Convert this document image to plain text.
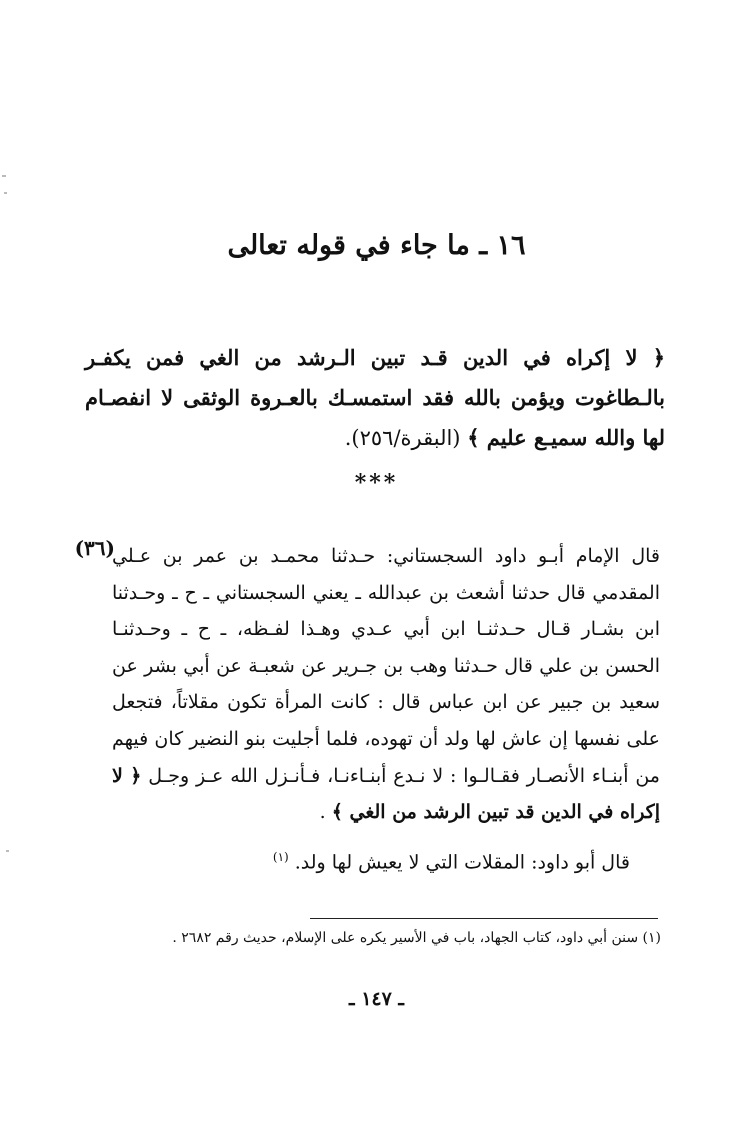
١٦ ـ ما جاء في قوله تعالى
﴿ لا إكراه في الدين قـد تبين الـرشد من الغي فمن يكفـر بالـطاغوت ويؤمن بالله فقد استمسـك بالعـروة الوثقى لا انفصـام لها والله سميـع عليم ﴾ (البقرة/٢٥٦).
***
(٣٦)
قال الإمام أبـو داود السجستاني: حـدثنا محمـد بن عمر بن عـلي المقدمي قال حدثنا أشعث بن عبدالله ـ يعني السجستاني ـ ح ـ وحـدثنا ابن بشـار قـال حـدثنـا ابن أبي عـدي وهـذا لفـظه، ـ ح ـ وحـدثنـا الحسن بن علي قال حـدثنا وهب بن جـرير عن شعبـة عن أبي بشر عن سعيد بن جبير عن ابن عباس قال : كانت المرأة تكون مقلاتاً، فتجعل على نفسها إن عاش لها ولد أن تهوده، فلما أجليت بنو النضير كان فيهم من أبنـاء الأنصـار فقـالـوا : لا نـدع أبنـاءنـا، فـأنـزل الله عـز وجـل ﴿ لا إكراه في الدين قد تبين الرشد من الغي ﴾ .
قال أبو داود: المقلات التي لا يعيش لها ولد. $^{(١)}$
(١) سنن أبي داود، كتاب الجهاد، باب في الأسير يكره على الإسلام، حديث رقم ٢٦٨٢ .
ـ ١٤٧ ـ
